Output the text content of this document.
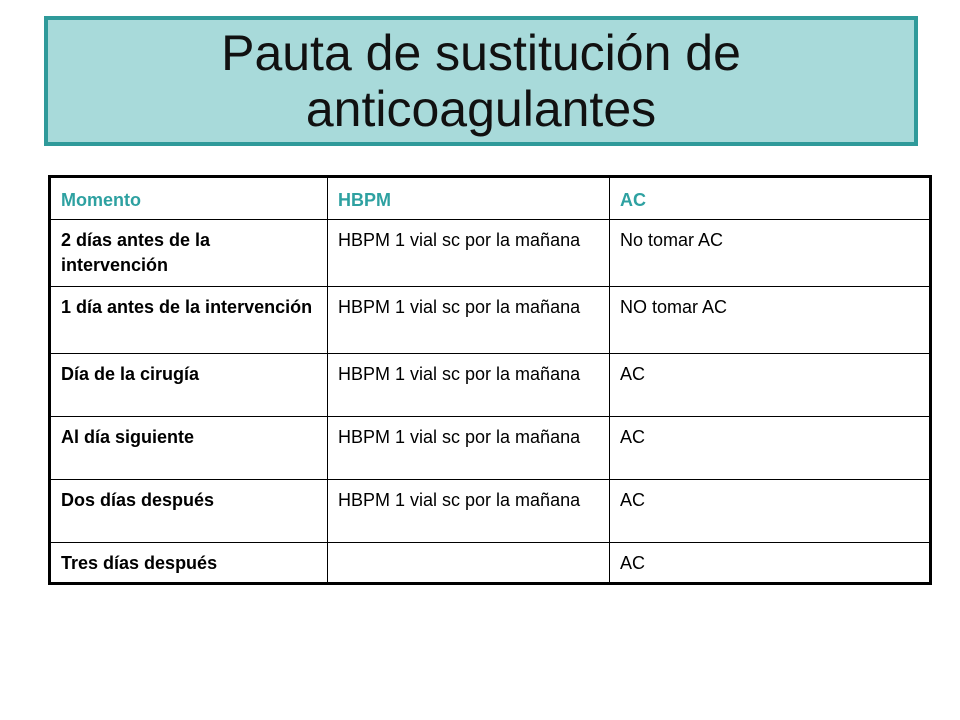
Pauta de sustitución de anticoagulantes
Momento	HBPM	AC
2 días antes de la intervención	HBPM 1 vial sc por la mañana	No tomar AC
1 día antes de la intervención	HBPM 1 vial sc por la mañana	NO tomar AC
Día de la cirugía	HBPM 1 vial sc por la mañana	AC
Al día siguiente	HBPM 1 vial sc por la mañana	AC
Dos días después	HBPM 1 vial sc por la mañana	AC
Tres días después		AC
